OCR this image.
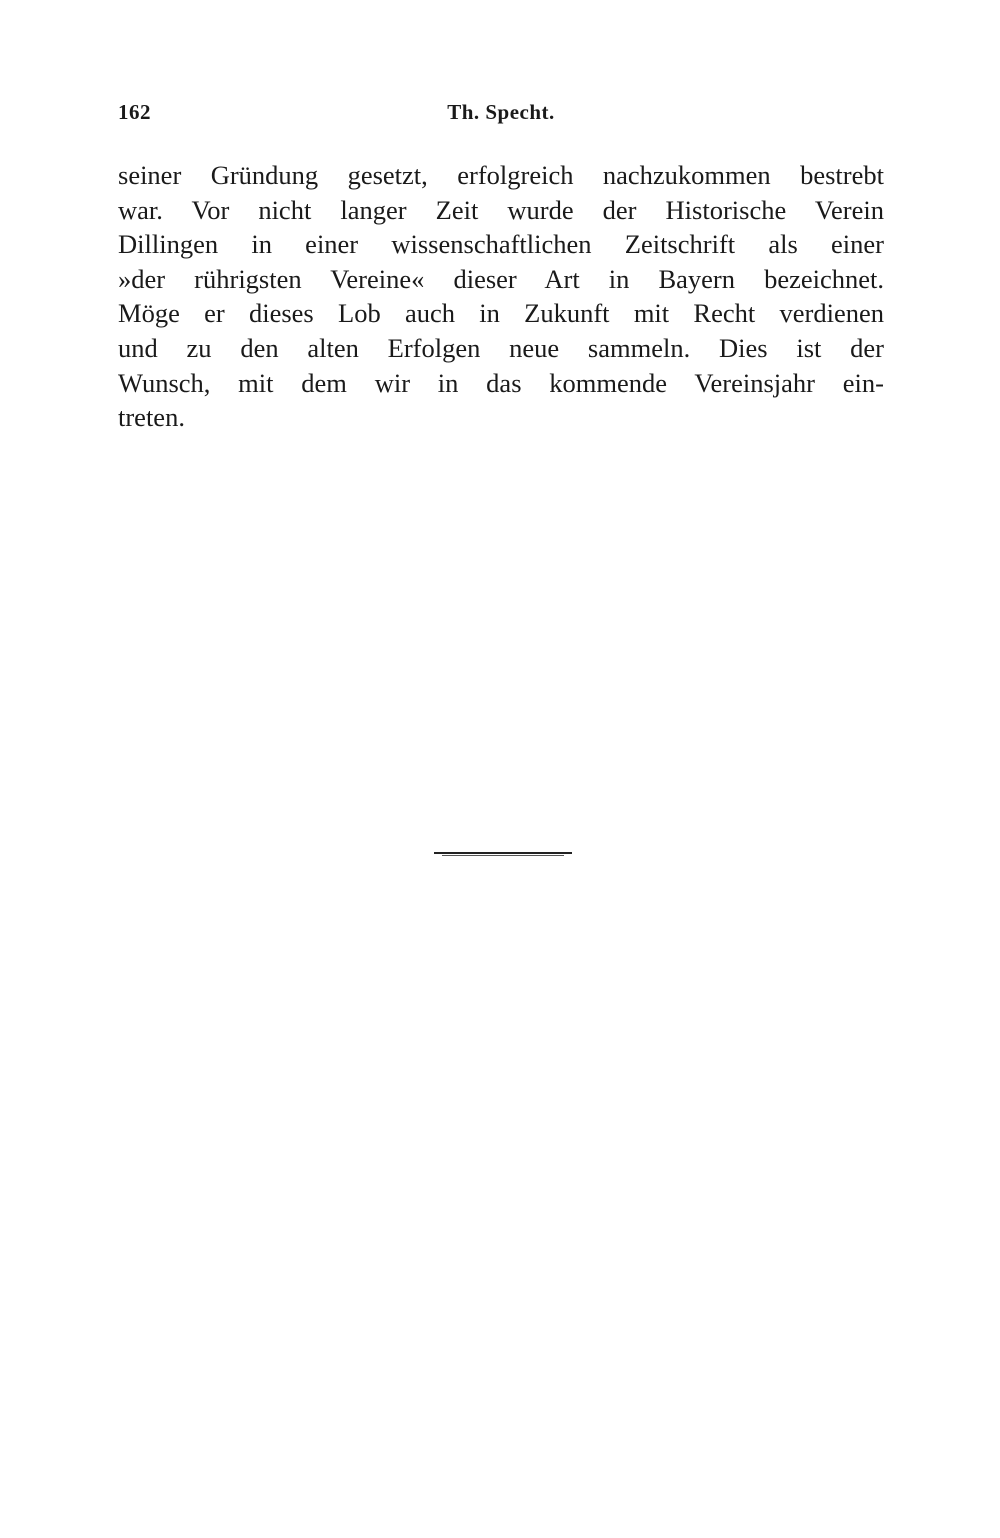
162	Th. Specht.
seiner Gründung gesetzt, erfolgreich nachzukommen bestrebt
war. Vor nicht langer Zeit wurde der Historische Verein
Dillingen in einer wissenschaftlichen Zeitschrift als einer
»der rührigsten Vereine« dieser Art in Bayern bezeichnet.
Möge er dieses Lob auch in Zukunft mit Recht verdienen
und zu den alten Erfolgen neue sammeln. Dies ist der
Wunsch, mit dem wir in das kommende Vereinsjahr ein-
treten.
